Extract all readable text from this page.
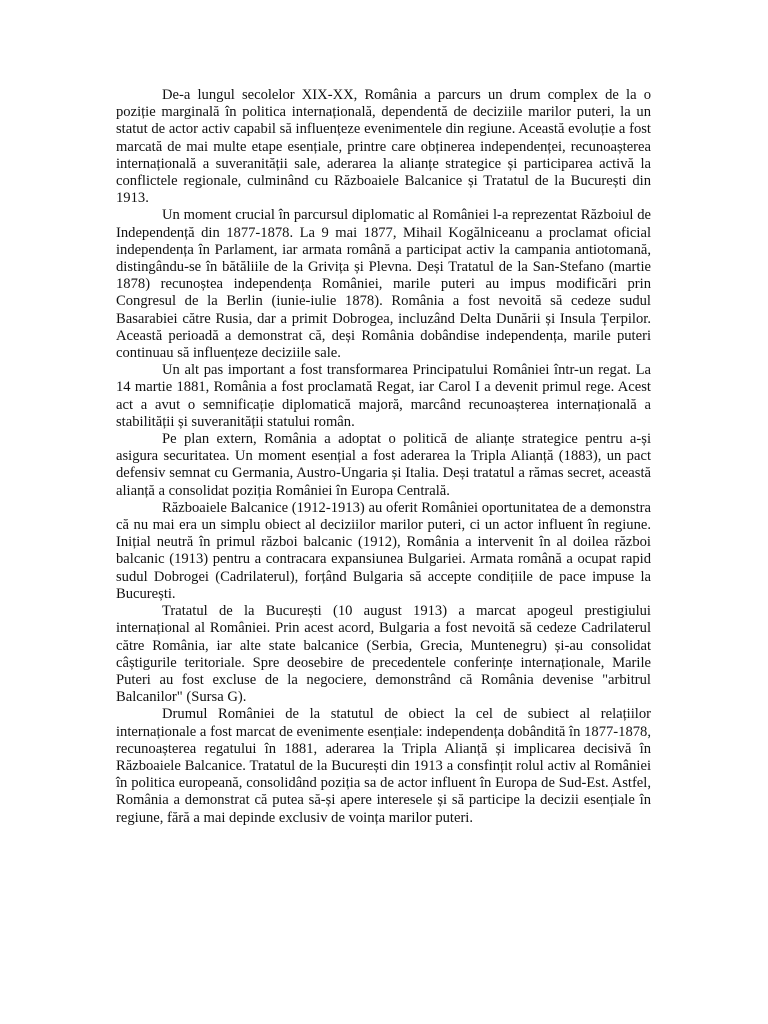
De-a lungul secolelor XIX-XX, România a parcurs un drum complex de la o poziție marginală în politica internațională, dependentă de deciziile marilor puteri, la un statut de actor activ capabil să influențeze evenimentele din regiune. Această evoluție a fost marcată de mai multe etape esențiale, printre care obținerea independenței, recunoașterea internațională a suveranității sale, aderarea la alianțe strategice și participarea activă la conflictele regionale, culminând cu Războaiele Balcanice și Tratatul de la București din 1913.

Un moment crucial în parcursul diplomatic al României l-a reprezentat Războiul de Independență din 1877-1878. La 9 mai 1877, Mihail Kogălniceanu a proclamat oficial independența în Parlament, iar armata română a participat activ la campania antiotomană, distingându-se în bătăliile de la Grivița și Plevna. Deși Tratatul de la San-Stefano (martie 1878) recunoștea independența României, marile puteri au impus modificări prin Congresul de la Berlin (iunie-iulie 1878). România a fost nevoită să cedeze sudul Basarabiei către Rusia, dar a primit Dobrogea, incluzând Delta Dunării și Insula Țerpilor. Această perioadă a demonstrat că, deși România dobândise independența, marile puteri continuau să influențeze deciziile sale.

Un alt pas important a fost transformarea Principatului României într-un regat. La 14 martie 1881, România a fost proclamată Regat, iar Carol I a devenit primul rege. Acest act a avut o semnificație diplomatică majoră, marcând recunoașterea internațională a stabilității și suveranității statului român.

Pe plan extern, România a adoptat o politică de alianțe strategice pentru a-și asigura securitatea. Un moment esențial a fost aderarea la Tripla Alianță (1883), un pact defensiv semnat cu Germania, Austro-Ungaria și Italia. Deși tratatul a rămas secret, această alianță a consolidat poziția României în Europa Centrală.

Războaiele Balcanice (1912-1913) au oferit României oportunitatea de a demonstra că nu mai era un simplu obiect al deciziilor marilor puteri, ci un actor influent în regiune. Inițial neutră în primul război balcanic (1912), România a intervenit în al doilea război balcanic (1913) pentru a contracara expansiunea Bulgariei. Armata română a ocupat rapid sudul Dobrogei (Cadrilaterul), forțând Bulgaria să accepte condițiile de pace impuse la București.

Tratatul de la București (10 august 1913) a marcat apogeul prestigiului internațional al României. Prin acest acord, Bulgaria a fost nevoită să cedeze Cadrilaterul către România, iar alte state balcanice (Serbia, Grecia, Muntenegru) și-au consolidat câștigurile teritoriale. Spre deosebire de precedentele conferințe internaționale, Marile Puteri au fost excluse de la negociere, demonstrând că România devenise "arbitrul Balcanilor" (Sursa G).

Drumul României de la statutul de obiect la cel de subiect al relațiilor internaționale a fost marcat de evenimente esențiale: independența dobândită în 1877-1878, recunoașterea regatului în 1881, aderarea la Tripla Alianță și implicarea decisivă în Războaiele Balcanice. Tratatul de la București din 1913 a consfințit rolul activ al României în politica europeană, consolidând poziția sa de actor influent în Europa de Sud-Est. Astfel, România a demonstrat că putea să-și apere interesele și să participe la decizii esențiale în regiune, fără a mai depinde exclusiv de voința marilor puteri.
